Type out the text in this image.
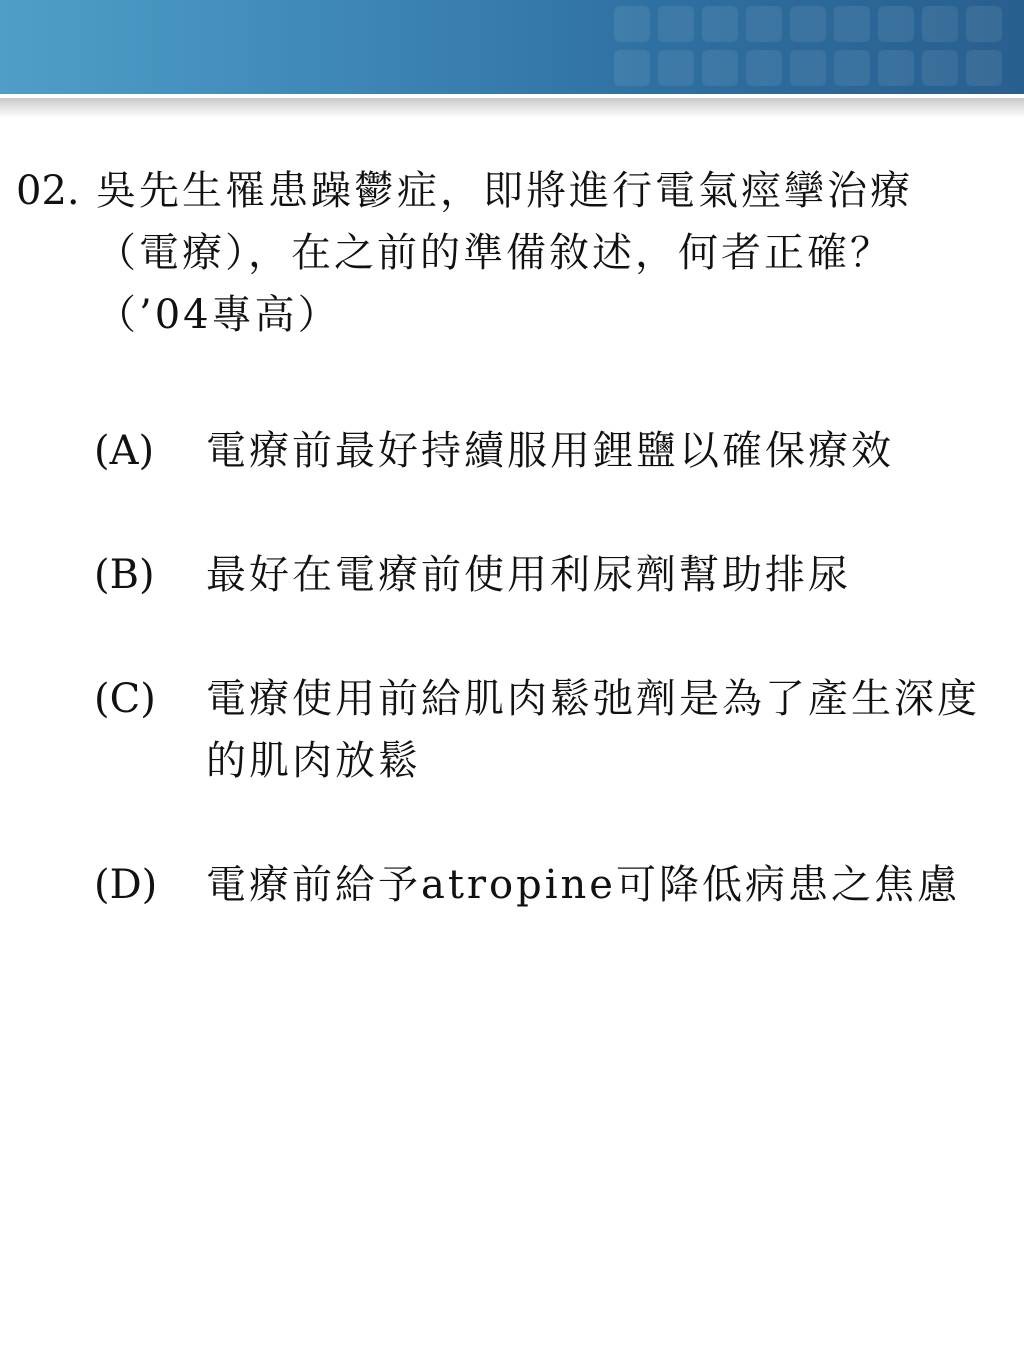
02. 吳先生罹患躁鬱症，即將進行電氣痙攣治療（電療），在之前的準備敘述，何者正確？（’04專高）
(A)	電療前最好持續服用鋰鹽以確保療效
(B)	最好在電療前使用利尿劑幫助排尿
(C)	電療使用前給肌肉鬆弛劑是為了產生深度的肌肉放鬆
(D)	電療前給予atropine可降低病患之焦慮
